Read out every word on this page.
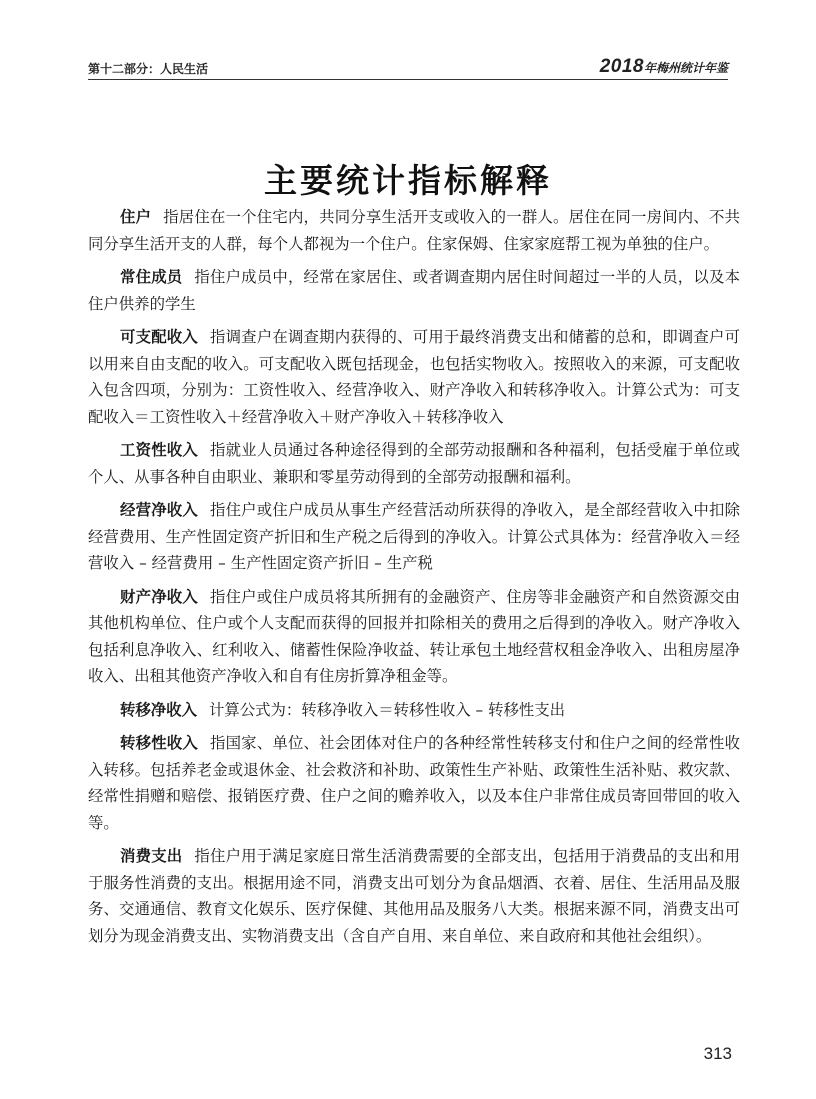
第十二部分：人民生活	2018年梅州统计年鉴
主要统计指标解释

住户 指居住在一个住宅内，共同分享生活开支或收入的一群人。居住在同一房间内、不共同分享生活开支的人群，每个人都视为一个住户。住家保姆、住家家庭帮工视为单独的住户。

常住成员 指住户成员中，经常在家居住、或者调查期内居住时间超过一半的人员，以及本住户供养的学生

可支配收入 指调查户在调查期内获得的、可用于最终消费支出和储蓄的总和，即调查户可以用来自由支配的收入。可支配收入既包括现金，也包括实物收入。按照收入的来源，可支配收入包含四项，分别为：工资性收入、经营净收入、财产净收入和转移净收入。计算公式为：可支配收入＝工资性收入＋经营净收入＋财产净收入＋转移净收入

工资性收入 指就业人员通过各种途径得到的全部劳动报酬和各种福利，包括受雇于单位或个人、从事各种自由职业、兼职和零星劳动得到的全部劳动报酬和福利。

经营净收入 指住户或住户成员从事生产经营活动所获得的净收入，是全部经营收入中扣除经营费用、生产性固定资产折旧和生产税之后得到的净收入。计算公式具体为：经营净收入＝经营收入 – 经营费用 – 生产性固定资产折旧 – 生产税

财产净收入 指住户或住户成员将其所拥有的金融资产、住房等非金融资产和自然资源交由其他机构单位、住户或个人支配而获得的回报并扣除相关的费用之后得到的净收入。财产净收入包括利息净收入、红利收入、储蓄性保险净收益、转让承包土地经营权租金净收入、出租房屋净收入、出租其他资产净收入和自有住房折算净租金等。

转移净收入 计算公式为：转移净收入＝转移性收入 – 转移性支出

转移性收入 指国家、单位、社会团体对住户的各种经常性转移支付和住户之间的经常性收入转移。包括养老金或退休金、社会救济和补助、政策性生产补贴、政策性生活补贴、救灾款、经常性捐赠和赔偿、报销医疗费、住户之间的赡养收入，以及本住户非常住成员寄回带回的收入等。

消费支出 指住户用于满足家庭日常生活消费需要的全部支出，包括用于消费品的支出和用于服务性消费的支出。根据用途不同，消费支出可划分为食品烟酒、衣着、居住、生活用品及服务、交通通信、教育文化娱乐、医疗保健、其他用品及服务八大类。根据来源不同，消费支出可划分为现金消费支出、实物消费支出（含自产自用、来自单位、来自政府和其他社会组织）。

313
